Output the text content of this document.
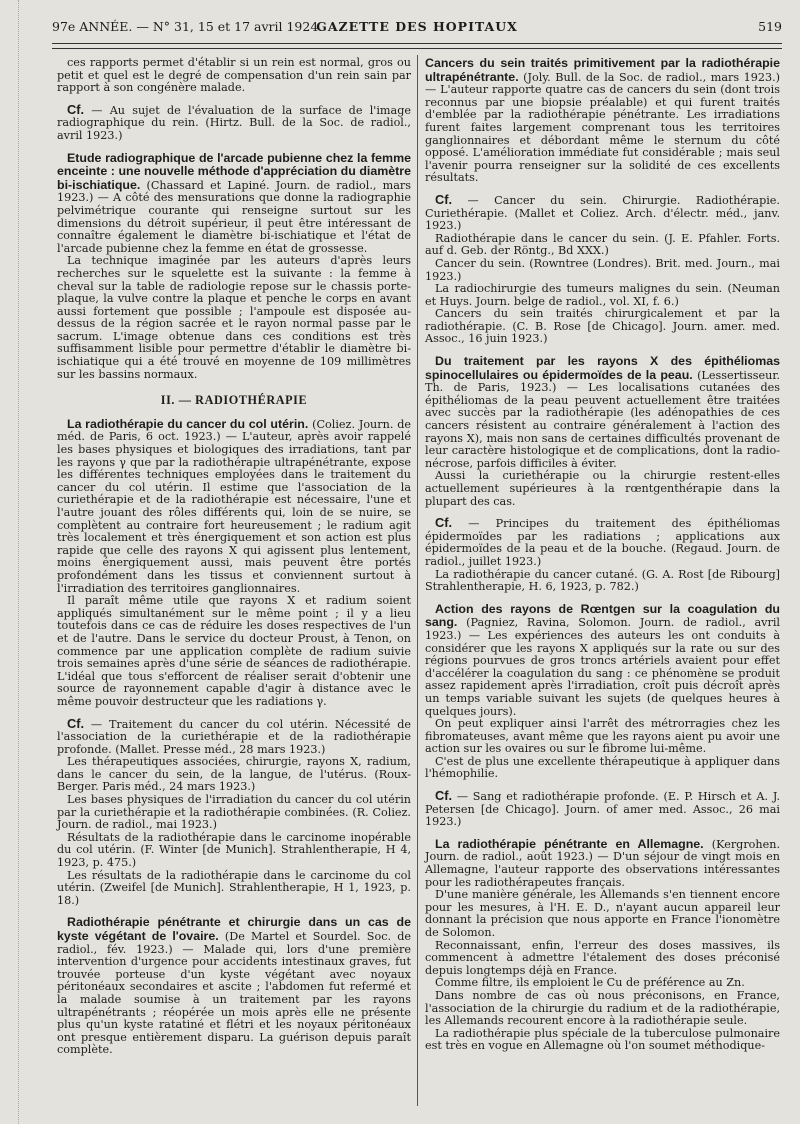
97e ANNÉE. — N° 31, 15 et 17 avril 1924.
GAZETTE DES HOPITAUX	519

ces rapports permet d'établir si un rein est normal, gros ou petit et quel est le degré de compensation d'un rein sain par rapport à son congénère malade.

Cf. — Au sujet de l'évaluation de la surface de l'image radiographique du rein. (Hirtz. Bull. de la Soc. de radiol., avril 1923.)

Etude radiographique de l'arcade pubienne chez la femme enceinte : une nouvelle méthode d'appréciation du diamètre bi-ischiatique. (Chassard et Lapiné. Journ. de radiol., mars 1923.) — A côté des mensurations que donne la radiographie pelvimétrique courante qui renseigne surtout sur les dimensions du détroit supérieur, il peut être intéressant de connaître également le diamètre bi-ischiatique et l'état de l'arcade pubienne chez la femme en état de grossesse.

La technique imaginée par les auteurs d'après leurs recherches sur le squelette est la suivante : la femme à cheval sur la table de radiologie repose sur le chassis porte-plaque, la vulve contre la plaque et penche le corps en avant aussi fortement que possible ; l'ampoule est disposée au-dessus de la région sacrée et le rayon normal passe par le sacrum. L'image obtenue dans ces conditions est très suffisamment lisible pour permettre d'établir le diamètre bi-ischiatique qui a été trouvé en moyenne de 109 millimètres sur les bassins normaux.

II. — RADIOTHÉRAPIE

La radiothérapie du cancer du col utérin. (Coliez. Journ. de méd. de Paris, 6 oct. 1923.) — L'auteur, après avoir rappelé les bases physiques et biologiques des irradiations, tant par les rayons γ que par la radiothérapie ultrapénétrante, expose les différentes techniques employées dans le traitement du cancer du col utérin. Il estime que l'association de la curiethérapie et de la radiothérapie est nécessaire, l'une et l'autre jouant des rôles différents qui, loin de se nuire, se complètent au contraire fort heureusement ; le radium agit très localement et très énergiquement et son action est plus rapide que celle des rayons X qui agissent plus lentement, moins énergiquement aussi, mais peuvent être portés profondément dans les tissus et conviennent surtout à l'irradiation des territoires ganglionnaires.

Il paraît même utile que rayons X et radium soient appliqués simultanément sur le même point ; il y a lieu toutefois dans ce cas de réduire les doses respectives de l'un et de l'autre. Dans le service du docteur Proust, à Tenon, on commence par une application complète de radium suivie trois semaines après d'une série de séances de radiothérapie. L'idéal que tous s'efforcent de réaliser serait d'obtenir une source de rayonnement capable d'agir à distance avec le même pouvoir destructeur que les radiations γ.

Cf. — Traitement du cancer du col utérin. Nécessité de l'association de la curiethérapie et de la radiothérapie profonde. (Mallet. Presse méd., 28 mars 1923.)

Les thérapeutiques associées, chirurgie, rayons X, radium, dans le cancer du sein, de la langue, de l'utérus. (Roux-Berger. Paris méd., 24 mars 1923.)

Les bases physiques de l'irradiation du cancer du col utérin par la curiethérapie et la radiothérapie combinées. (R. Coliez. Journ. de radiol., mai 1923.)

Résultats de la radiothérapie dans le carcinome inopérable du col utérin. (F. Winter [de Munich]. Strahlentherapie, H 4, 1923, p. 475.)

Les résultats de la radiothérapie dans le carcinome du col utérin. (Zweifel [de Munich]. Strahlentherapie, H 1, 1923, p. 18.)

Radiothérapie pénétrante et chirurgie dans un cas de kyste végétant de l'ovaire. (De Martel et Sourdel. Soc. de radiol., fév. 1923.) — Malade qui, lors d'une première intervention d'urgence pour accidents intestinaux graves, fut trouvée porteuse d'un kyste végétant avec noyaux péritonéaux secondaires et ascite ; l'abdomen fut refermé et la malade soumise à un traitement par les rayons ultrapénétrants ; réopérée un mois après elle ne présente plus qu'un kyste ratatiné et flétri et les noyaux péritonéaux ont presque entièrement disparu. La guérison depuis paraît complète.

Cancers du sein traités primitivement par la radiothérapie ultrapénétrante. (Joly. Bull. de la Soc. de radiol., mars 1923.) — L'auteur rapporte quatre cas de cancers du sein (dont trois reconnus par une biopsie préalable) et qui furent traités d'emblée par la radiothérapie pénétrante. Les irradiations furent faites largement comprenant tous les territoires ganglionnaires et débordant même le sternum du côté opposé. L'amélioration immédiate fut considérable ; mais seul l'avenir pourra renseigner sur la solidité de ces excellents résultats.

Cf. — Cancer du sein. Chirurgie. Radiothérapie. Curiethérapie. (Mallet et Coliez. Arch. d'électr. méd., janv. 1923.)

Radiothérapie dans le cancer du sein. (J. E. Pfahler. Forts. auf d. Geb. der Röntg., Bd XXX.)

Cancer du sein. (Rowntree (Londres). Brit. med. Journ., mai 1923.)

La radiochirurgie des tumeurs malignes du sein. (Neuman et Huys. Journ. belge de radiol., vol. XI, f. 6.)

Cancers du sein traités chirurgicalement et par la radiothérapie. (C. B. Rose [de Chicago]. Journ. amer. med. Assoc., 16 juin 1923.)

Du traitement par les rayons X des épithéliomas spinocellulaires ou épidermoïdes de la peau. (Lessertisseur. Th. de Paris, 1923.) — Les localisations cutanées des épithéliomas de la peau peuvent actuellement être traitées avec succès par la radiothérapie (les adénopathies de ces cancers résistent au contraire généralement à l'action des rayons X), mais non sans de certaines difficultés provenant de leur caractère histologique et de complications, dont la radio-nécrose, parfois difficiles à éviter.

Aussi la curiethérapie ou la chirurgie restent-elles actuellement supérieures à la rœntgenthérapie dans la plupart des cas.

Cf. — Principes du traitement des épithéliomas épidermoïdes par les radiations ; applications aux épidermoïdes de la peau et de la bouche. (Regaud. Journ. de radiol., juillet 1923.)

La radiothérapie du cancer cutané. (G. A. Rost [de Ribourg] Strahlentherapie, H. 6, 1923, p. 782.)

Action des rayons de Rœntgen sur la coagulation du sang. (Pagniez, Ravina, Solomon. Journ. de radiol., avril 1923.) — Les expériences des auteurs les ont conduits à considérer que les rayons X appliqués sur la rate ou sur des régions pourvues de gros troncs artériels avaient pour effet d'accélérer la coagulation du sang : ce phénomène se produit assez rapidement après l'irradiation, croît puis décroît après un temps variable suivant les sujets (de quelques heures à quelques jours).

On peut expliquer ainsi l'arrêt des métrorragies chez les fibromateuses, avant même que les rayons aient pu avoir une action sur les ovaires ou sur le fibrome lui-même.

C'est de plus une excellente thérapeutique à appliquer dans l'hémophilie.

Cf. — Sang et radiothérapie profonde. (E. P. Hirsch et A. J. Petersen [de Chicago]. Journ. of amer med. Assoc., 26 mai 1923.)

La radiothérapie pénétrante en Allemagne. (Kergrohen. Journ. de radiol., août 1923.) — D'un séjour de vingt mois en Allemagne, l'auteur rapporte des observations intéressantes pour les radiothérapeutes français.

D'une manière générale, les Allemands s'en tiennent encore pour les mesures, à l'H. E. D., n'ayant aucun appareil leur donnant la précision que nous apporte en France l'ionomètre de Solomon.

Reconnaissant, enfin, l'erreur des doses massives, ils commencent à admettre l'étalement des doses préconisé depuis longtemps déjà en France.

Comme filtre, ils emploient le Cu de préférence au Zn.

Dans nombre de cas où nous préconisons, en France, l'association de la chirurgie du radium et de la radiothérapie, les Allemands recourent encore à la radiothérapie seule.

La radiothérapie plus spéciale de la tuberculose pulmonaire est très en vogue en Allemagne où l'on soumet méthodique-
